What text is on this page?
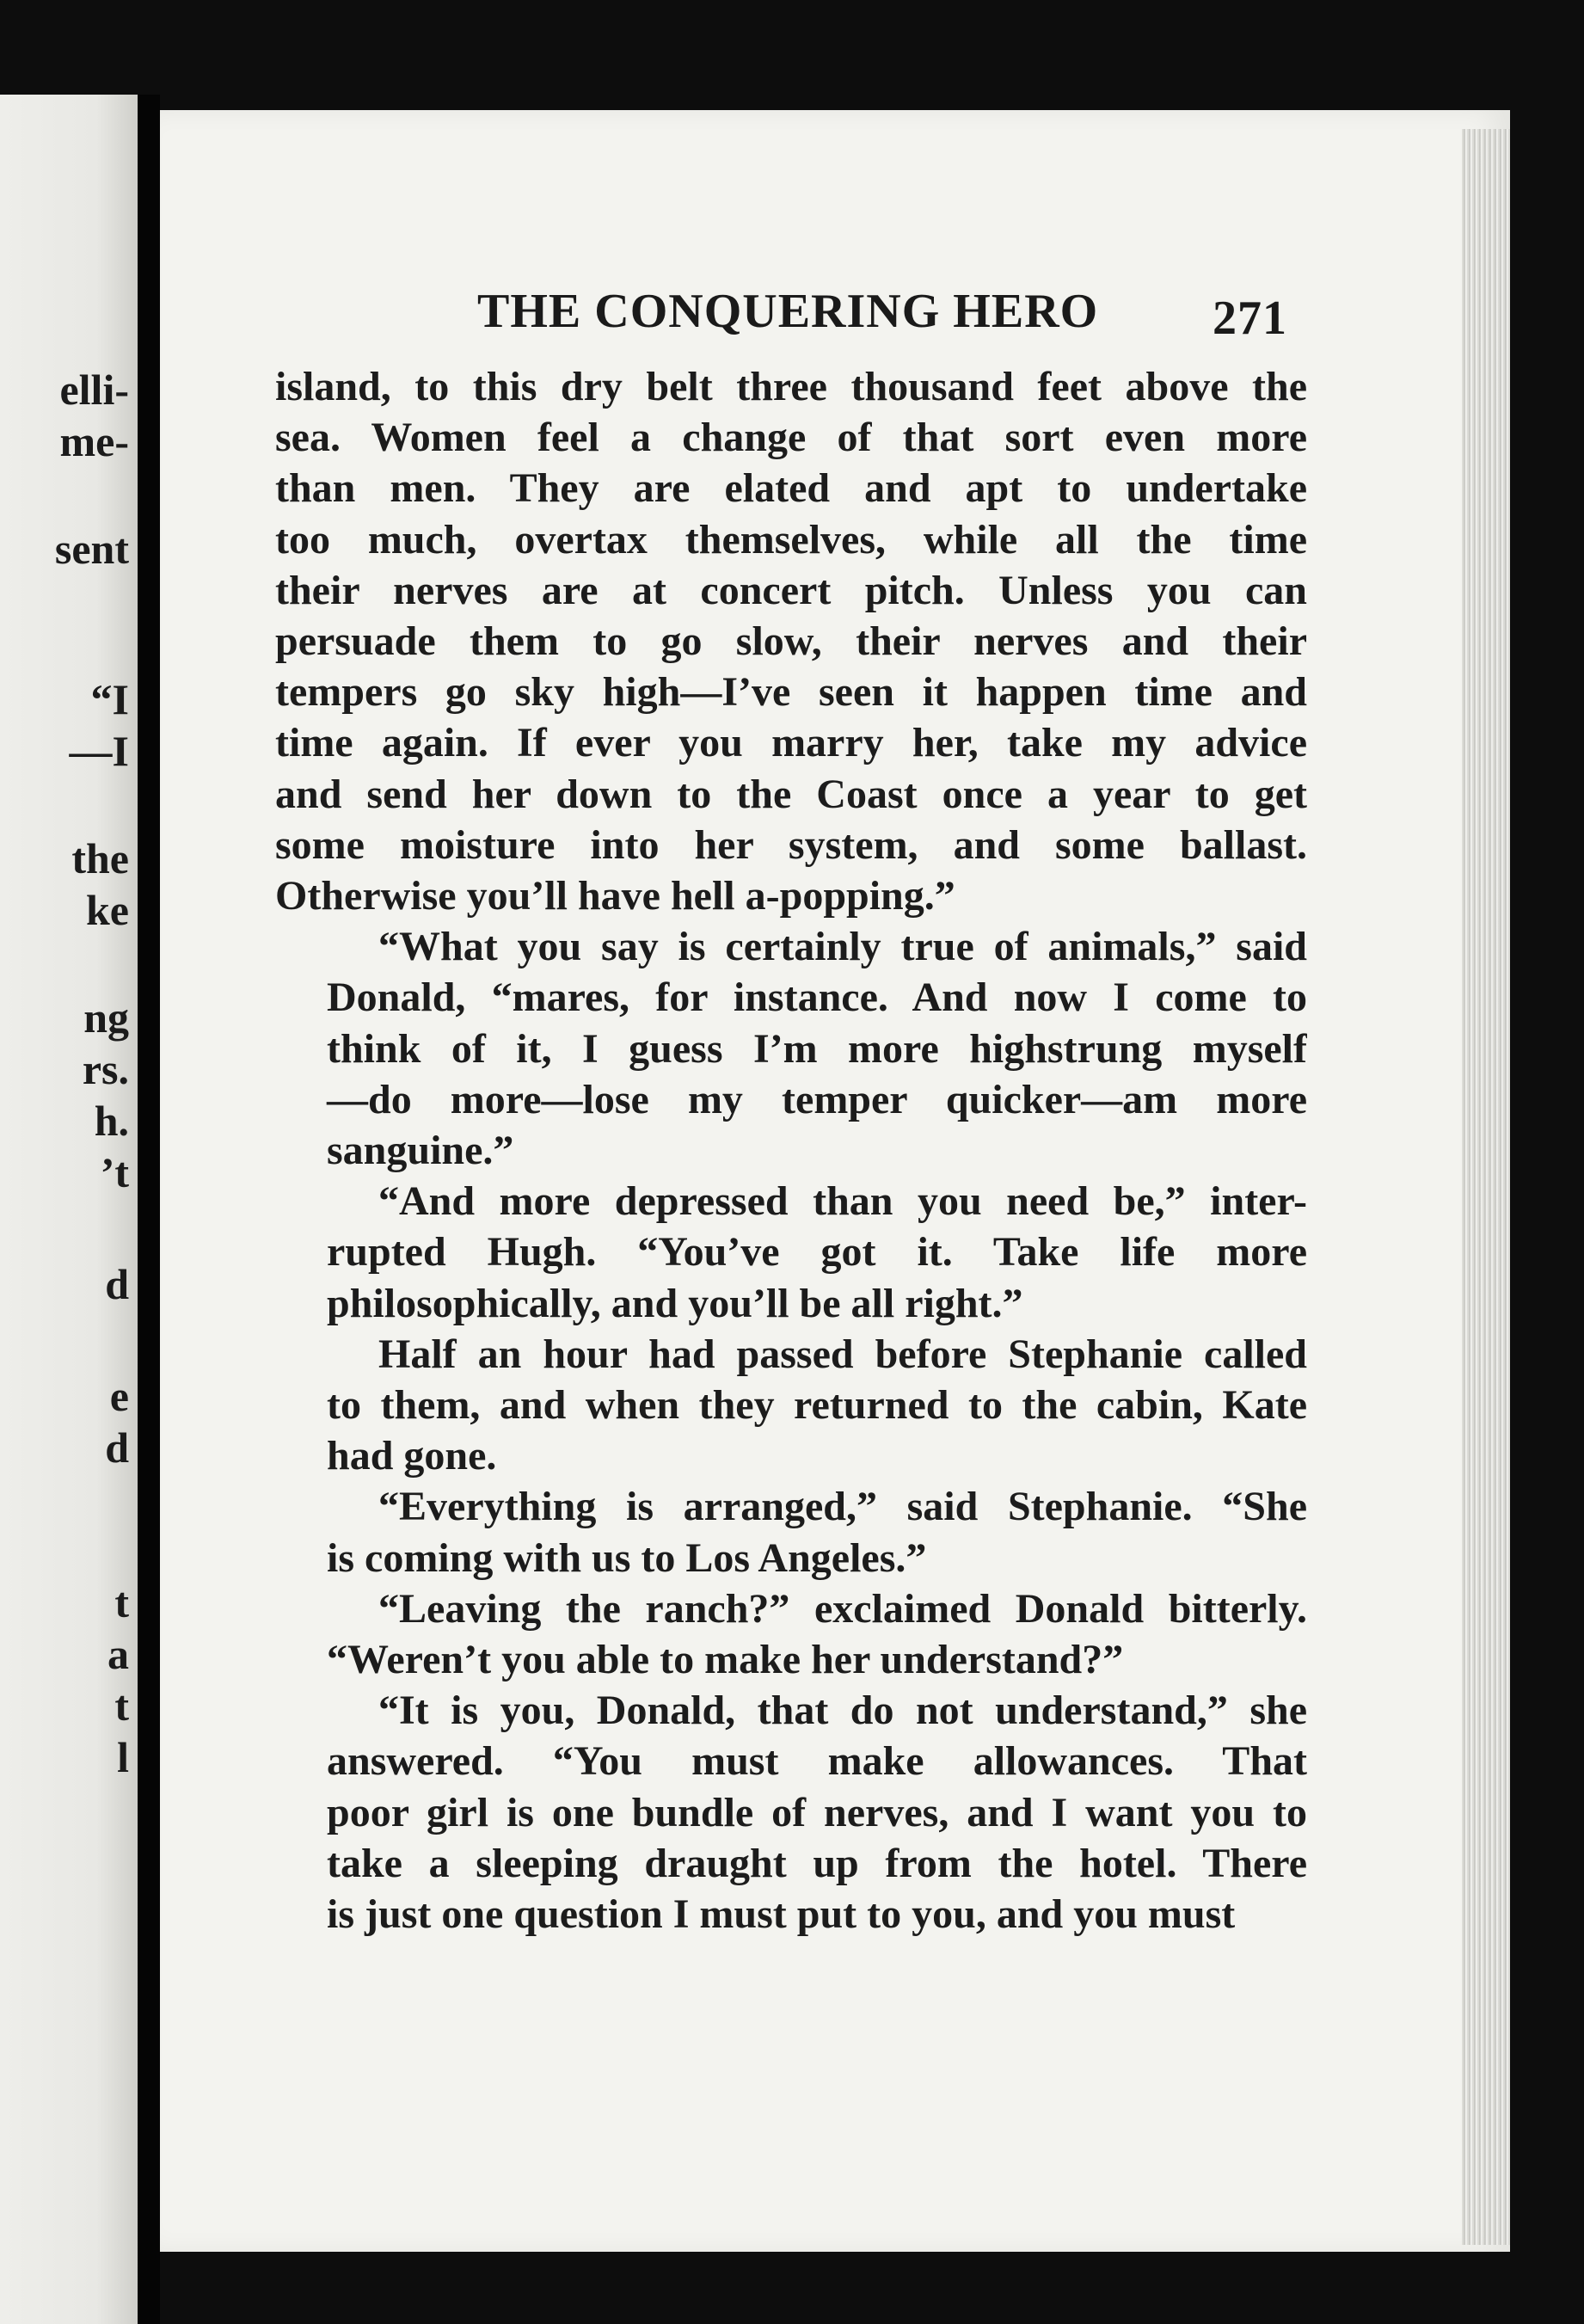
elli-
me-
sent
“I
—I
the
ke
ng
rs.
h.
’t
d
e
d
t
a
t
l
THE CONQUERING HERO 271

island, to this dry belt three thousand feet above the
sea. Women feel a change of that sort even more
than men. They are elated and apt to undertake
too much, overtax themselves, while all the time
their nerves are at concert pitch. Unless you can
persuade them to go slow, their nerves and their
tempers go sky high—I’ve seen it happen time and
time again. If ever you marry her, take my advice
and send her down to the Coast once a year to get
some moisture into her system, and some ballast.
Otherwise you’ll have hell a-popping.”

“What you say is certainly true of animals,” said
Donald, “mares, for instance. And now I come to
think of it, I guess I’m more highstrung myself
—do more—lose my temper quicker—am more
sanguine.”

“And more depressed than you need be,” inter-
rupted Hugh. “You’ve got it. Take life more
philosophically, and you’ll be all right.”

Half an hour had passed before Stephanie called
to them, and when they returned to the cabin, Kate
had gone.

“Everything is arranged,” said Stephanie. “She
is coming with us to Los Angeles.”

“Leaving the ranch?” exclaimed Donald bitterly.
“Weren’t you able to make her understand?”

“It is you, Donald, that do not understand,” she
answered. “You must make allowances. That
poor girl is one bundle of nerves, and I want you to
take a sleeping draught up from the hotel. There
is just one question I must put to you, and you must
